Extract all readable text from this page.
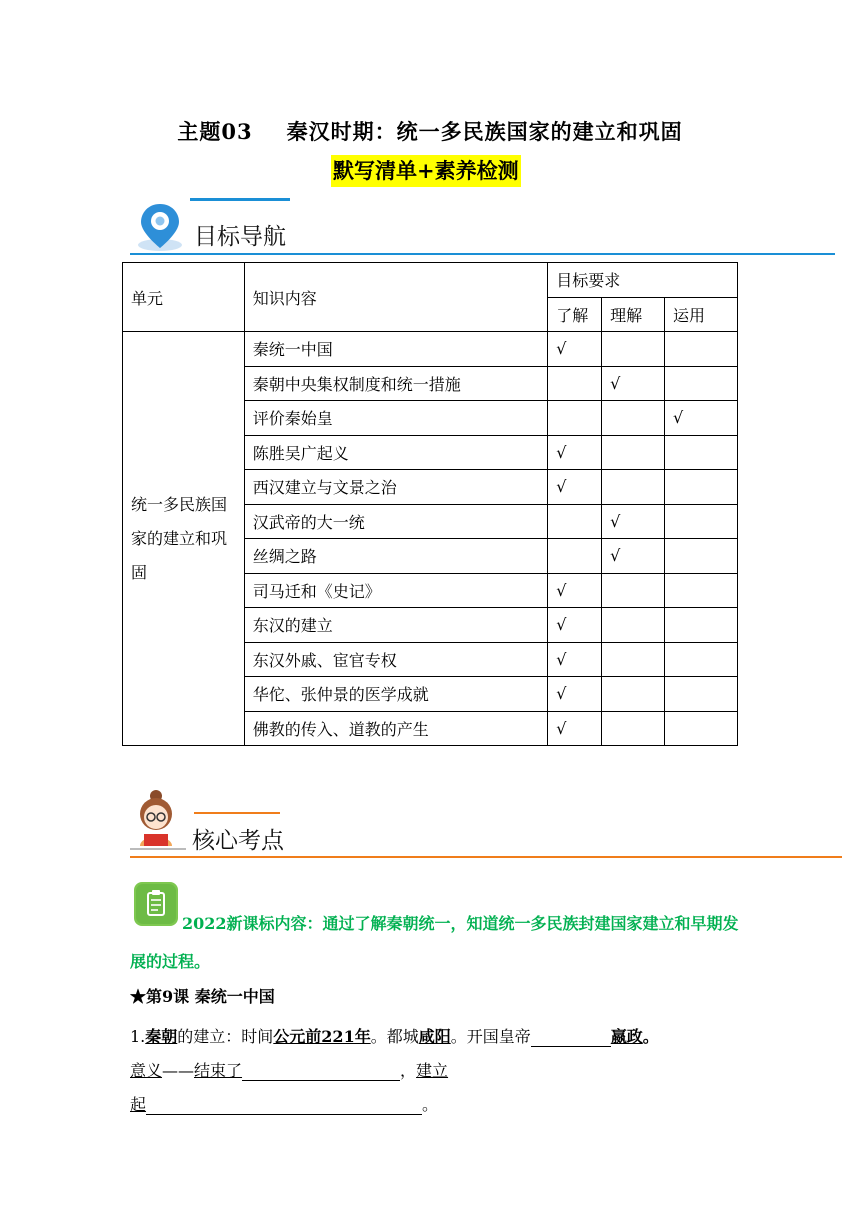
主题03 秦汉时期：统一多民族国家的建立和巩固
默写清单+素养检测
目标导航
单元	知识内容	目标要求		
		了解	理解	运用
统一多民族国家的建立和巩固	秦统一中国	√		
	秦朝中央集权制度和统一措施		√	
	评价秦始皇			√
	陈胜吴广起义	√		
	西汉建立与文景之治	√		
	汉武帝的大一统		√	
	丝绸之路		√	
	司马迁和《史记》	√		
	东汉的建立	√		
	东汉外戚、宦官专权	√		
	华佗、张仲景的医学成就	√		
	佛教的传入、道教的产生	√		
核心考点
2022新课标内容：通过了解秦朝统一，知道统一多民族封建国家建立和早期发展的过程。
★第9课 秦统一中国
1.秦朝的建立：时间公元前221年。都城咸阳。开国皇帝	嬴政。
意义——结束了	，建立
起	。
